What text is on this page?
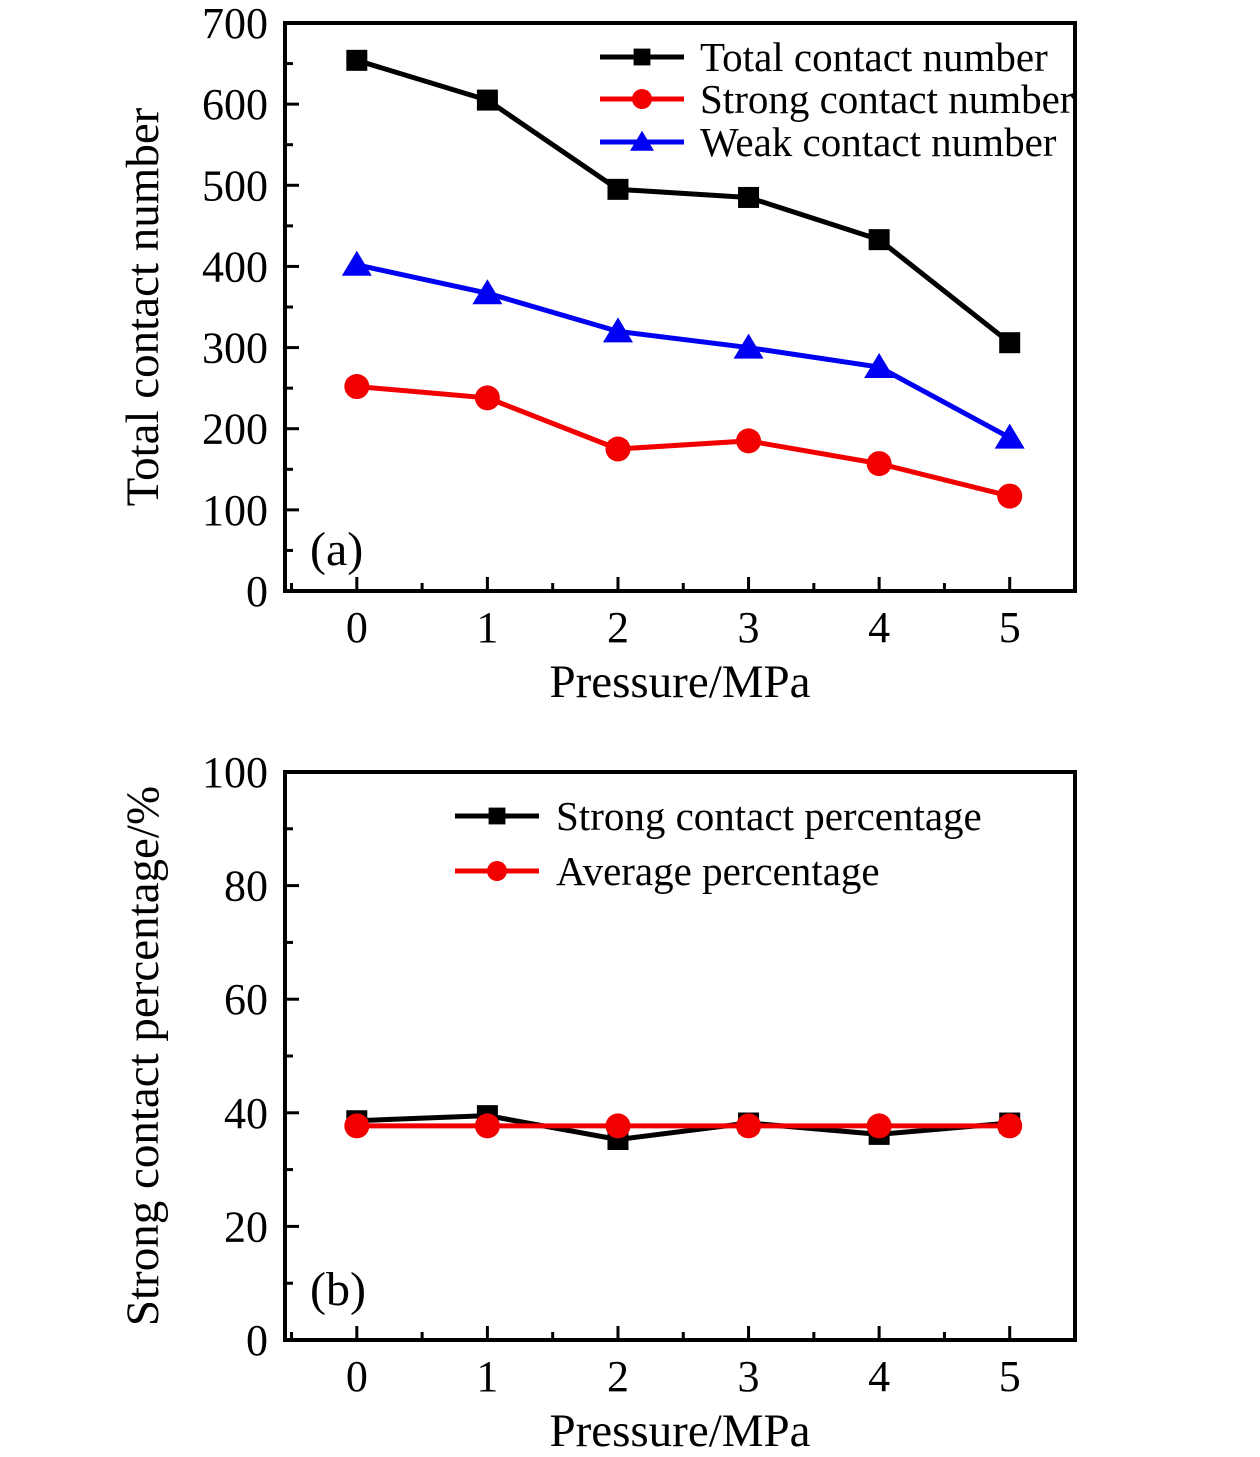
0 1 2 3 4 5
0
100
200
300
400
500
600
700
Pressure/MPa
Total contact number
Total contact number
Strong contact number
Weak contact number
(a)
0 1 2 3 4 5
0
20
40
60
80
100
Pressure/MPa
Strong contact percentage/%	Strong contact percentage
Average percentage
(b)
